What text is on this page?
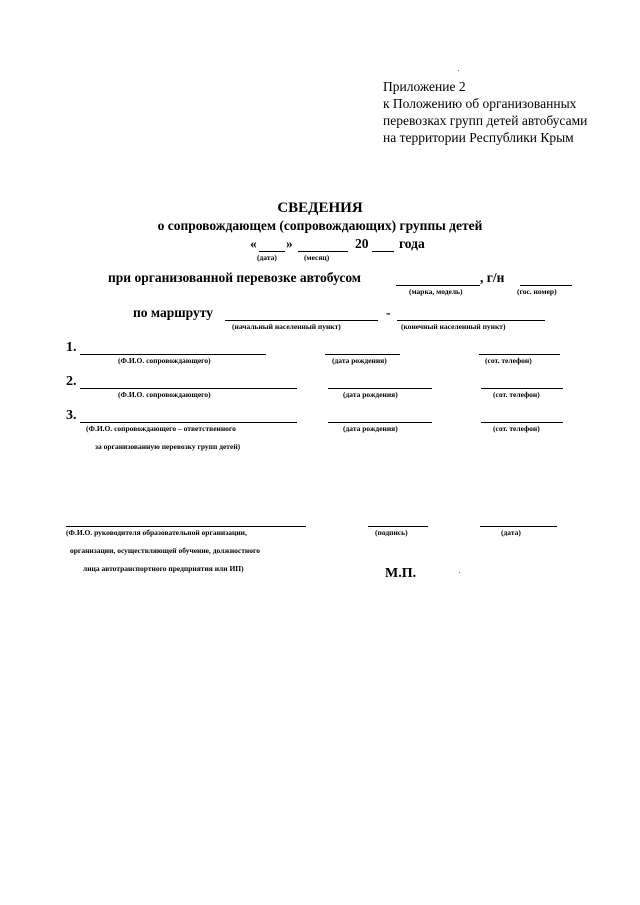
Приложение 2
к Положению об организованных
перевозках групп детей автобусами
на территории Республики Крым
СВЕДЕНИЯ
о сопровождающем (сопровождающих) группы детей
« »	20 года
(дата)	(месяц)
при организованной перевозке автобусом	, г/н
(марка, модель)	(гос. номер)
по маршруту	-
(начальный населенный пункт)	(конечный населенный пункт)
1.
(Ф.И.О. сопровождающего)	(дата рождения)	(сот. телефон)
2.
(Ф.И.О. сопровождающего)	(дата рождения)	(сот. телефон)
3.
(Ф.И.О. сопровождающего – ответственного
за организованную перевозку групп детей)
(дата рождения)	(сот. телефон)
(Ф.И.О. руководителя образовательной организации,
организации, осуществляющей обучение, должностного
лица автотранспортного предприятия или ИП)
(подпись)	(дата)
М.П.
